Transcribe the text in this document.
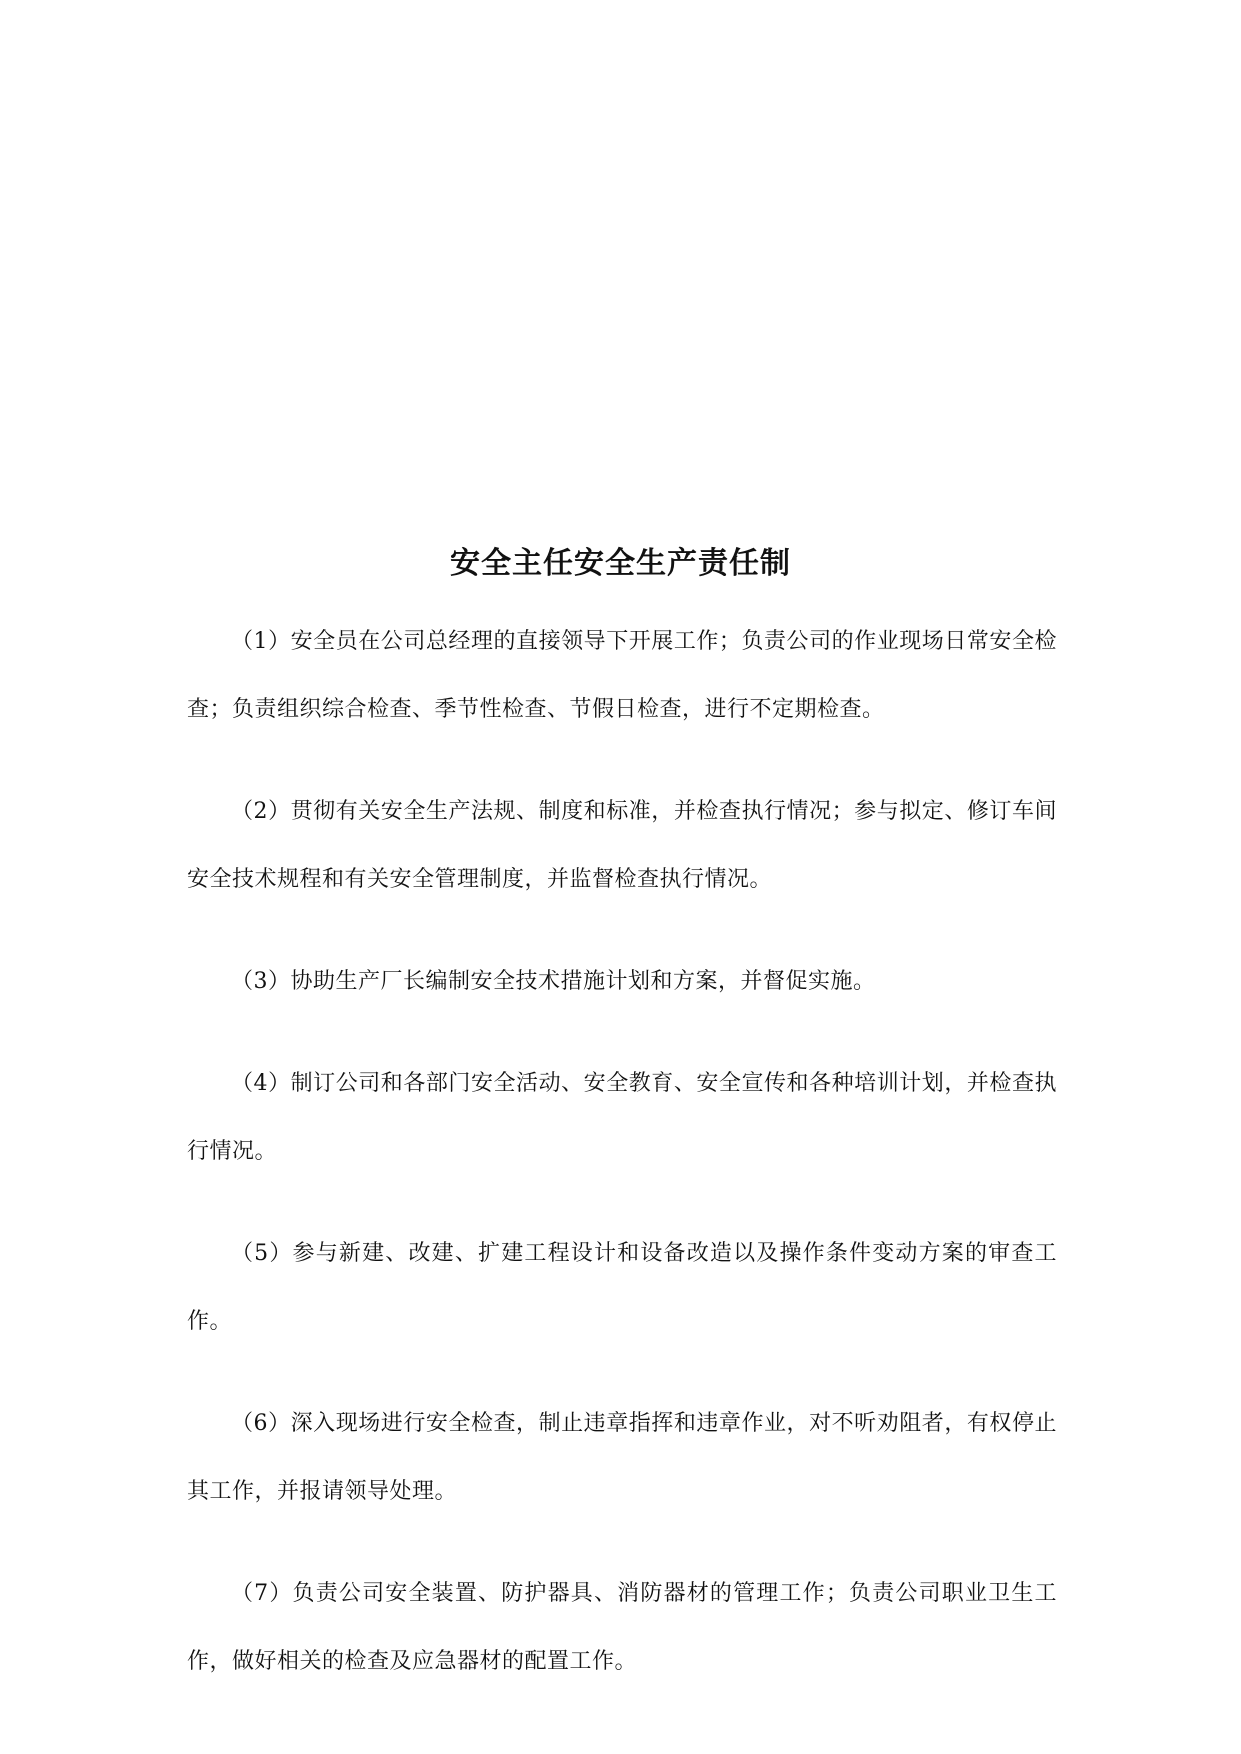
安全主任安全生产责任制

（1）安全员在公司总经理的直接领导下开展工作；负责公司的作业现场日常安全检查；负责组织综合检查、季节性检查、节假日检查，进行不定期检查。

（2）贯彻有关安全生产法规、制度和标准，并检查执行情况；参与拟定、修订车间安全技术规程和有关安全管理制度，并监督检查执行情况。

（3）协助生产厂长编制安全技术措施计划和方案，并督促实施。

（4）制订公司和各部门安全活动、安全教育、安全宣传和各种培训计划，并检查执行情况。

（5）参与新建、改建、扩建工程设计和设备改造以及操作条件变动方案的审查工作。

（6）深入现场进行安全检查，制止违章指挥和违章作业，对不听劝阻者，有权停止其工作，并报请领导处理。

（7）负责公司安全装置、防护器具、消防器材的管理工作；负责公司职业卫生工作，做好相关的检查及应急器材的配置工作。
